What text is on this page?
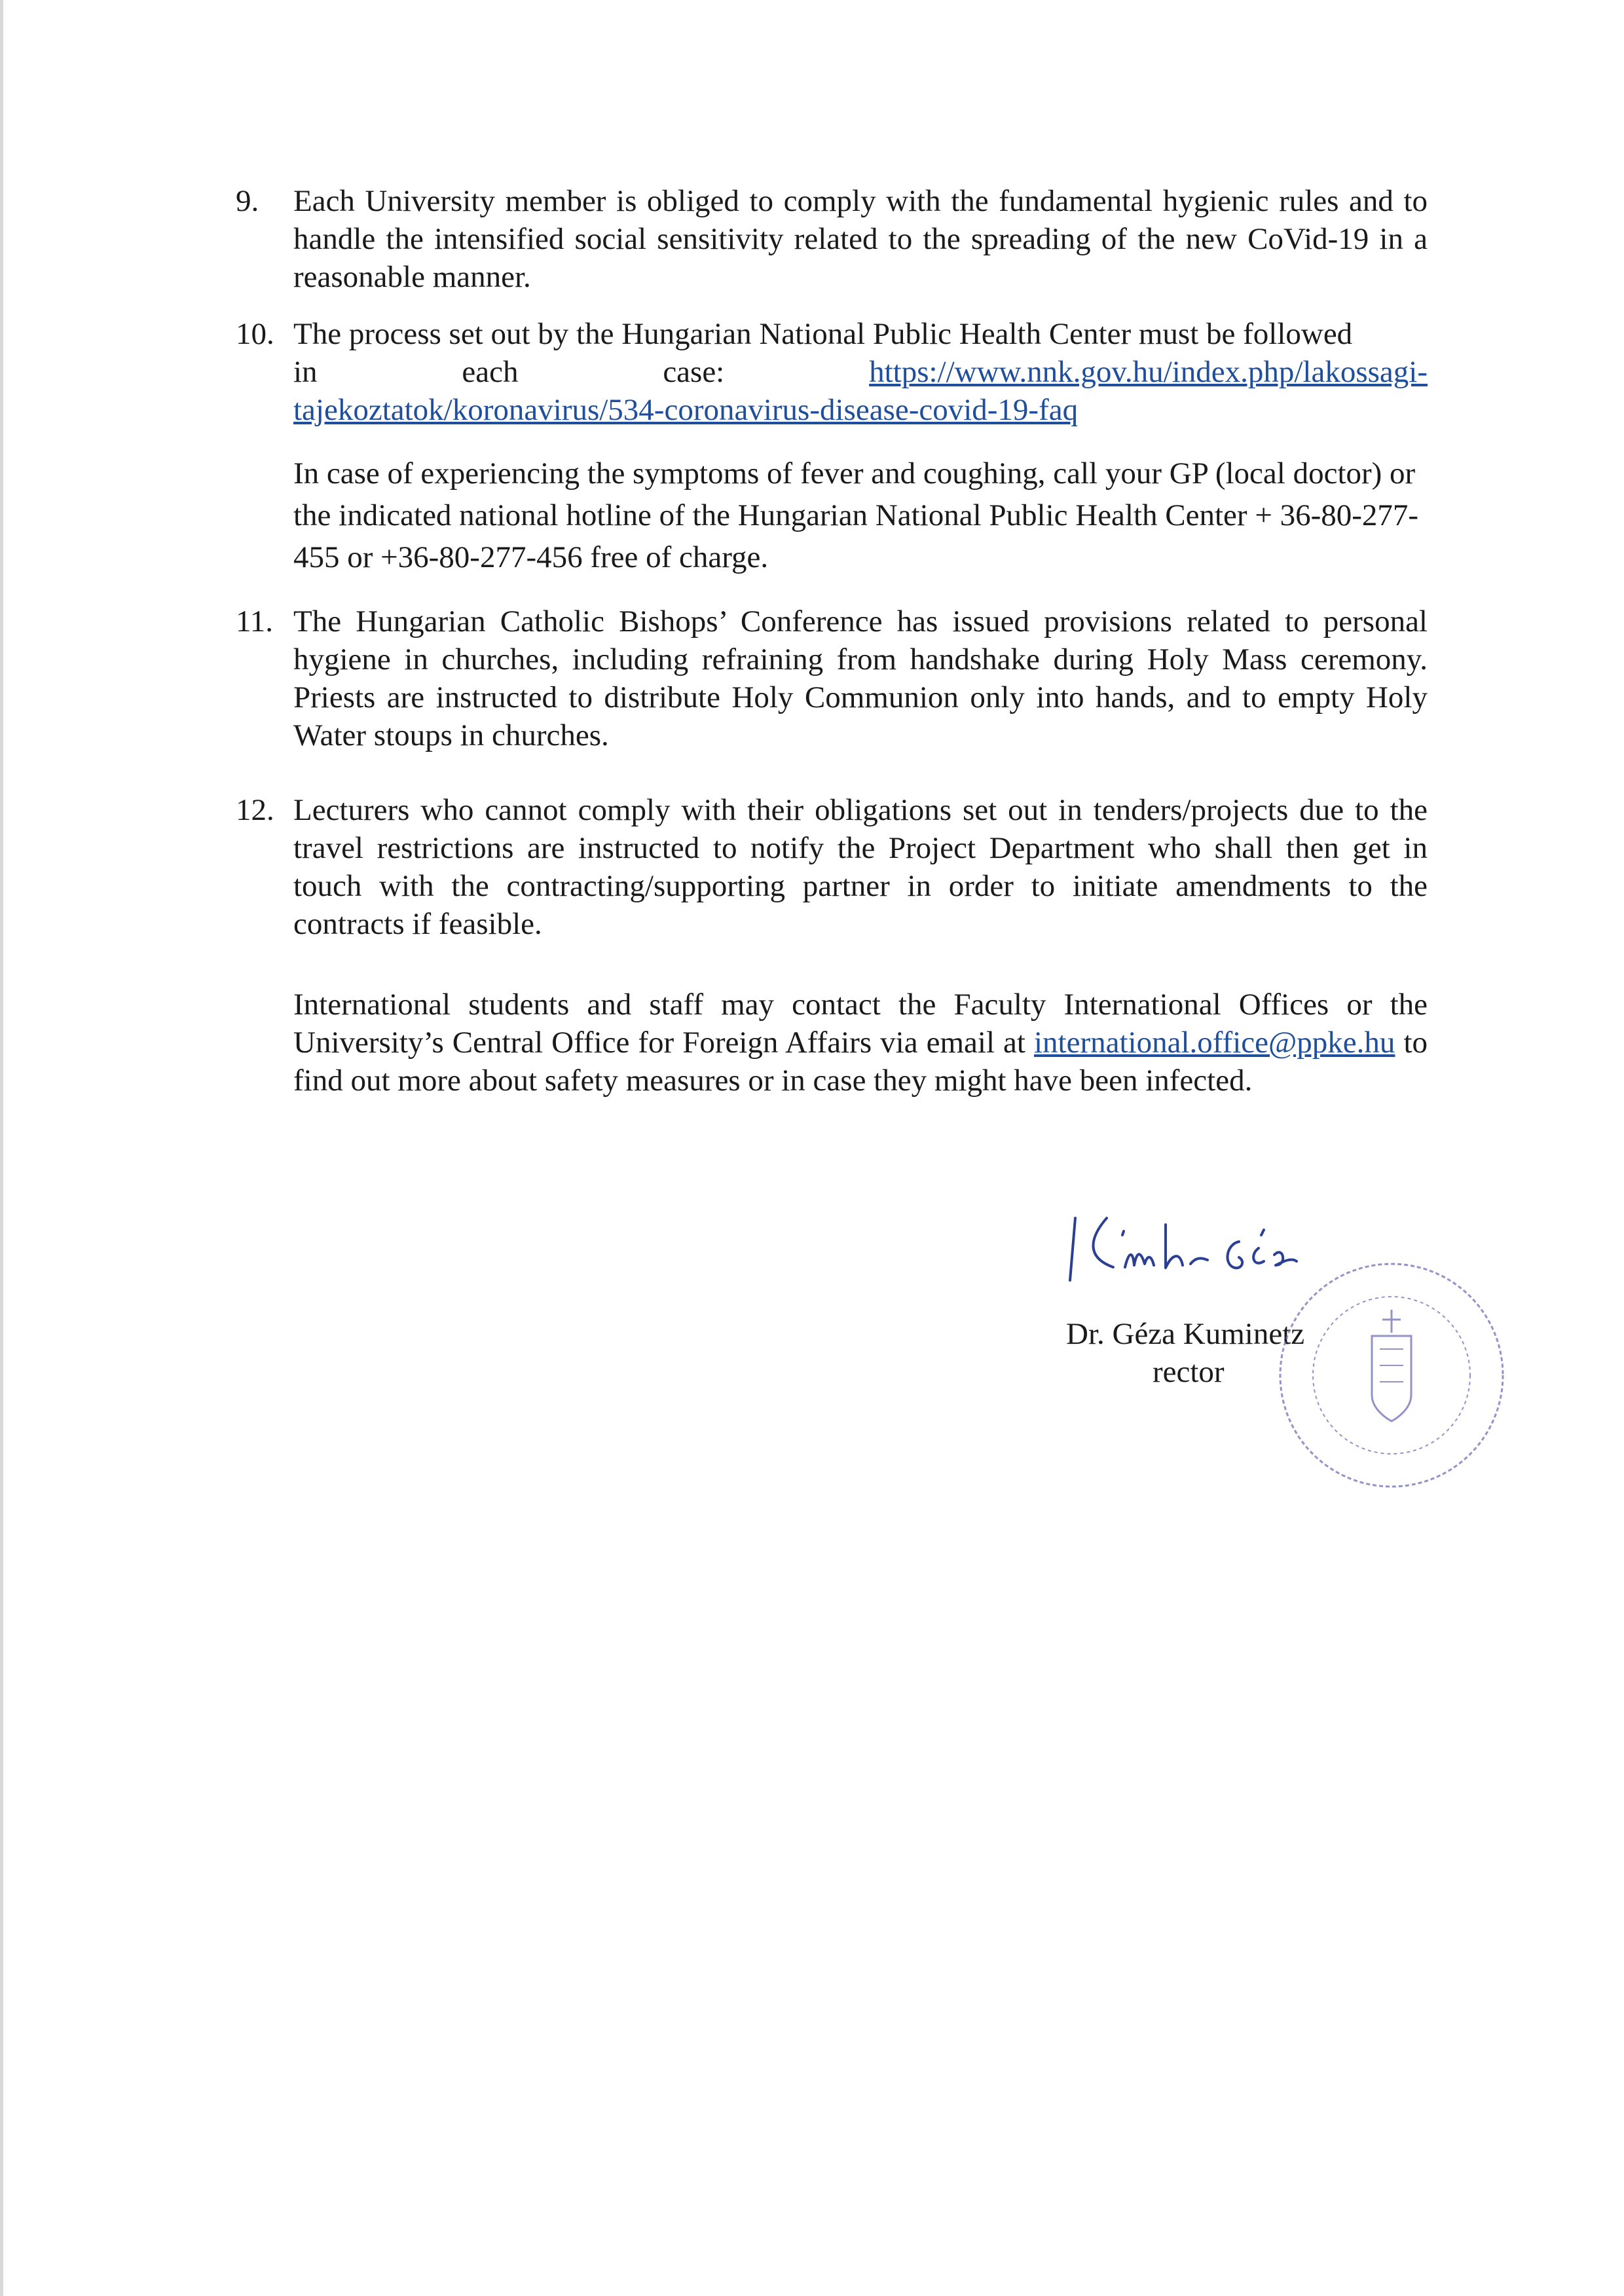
9.	Each University member is obliged to comply with the fundamental hygienic rules and to handle the intensified social sensitivity related to the spreading of the new CoVid-19 in a reasonable manner.

10. The process set out by the Hungarian National Public Health Center must be followed

in	each	case:	https://www.nnk.gov.hu/index.php/lakossagi-

tajekoztatok/koronavirus/534-coronavirus-disease-covid-19-faq

In case of experiencing the symptoms of fever and coughing, call your GP (local doctor) or the indicated national hotline of the Hungarian National Public Health Center + 36-80-277-455 or +36-80-277-456 free of charge.

11. The Hungarian Catholic Bishops’ Conference has issued provisions related to personal hygiene in churches, including refraining from handshake during Holy Mass ceremony. Priests are instructed to distribute Holy Communion only into hands, and to empty Holy Water stoups in churches.

12. Lecturers who cannot comply with their obligations set out in tenders/projects due to the travel restrictions are instructed to notify the Project Department who shall then get in touch with the contracting/supporting partner in order to initiate amendments to the contracts if feasible.

International students and staff may contact the Faculty International Offices or the University’s Central Office for Foreign Affairs via email at international.office@ppke.hu to find out more about safety measures or in case they might have been infected.
Dr. Géza Kuminetz
rector
